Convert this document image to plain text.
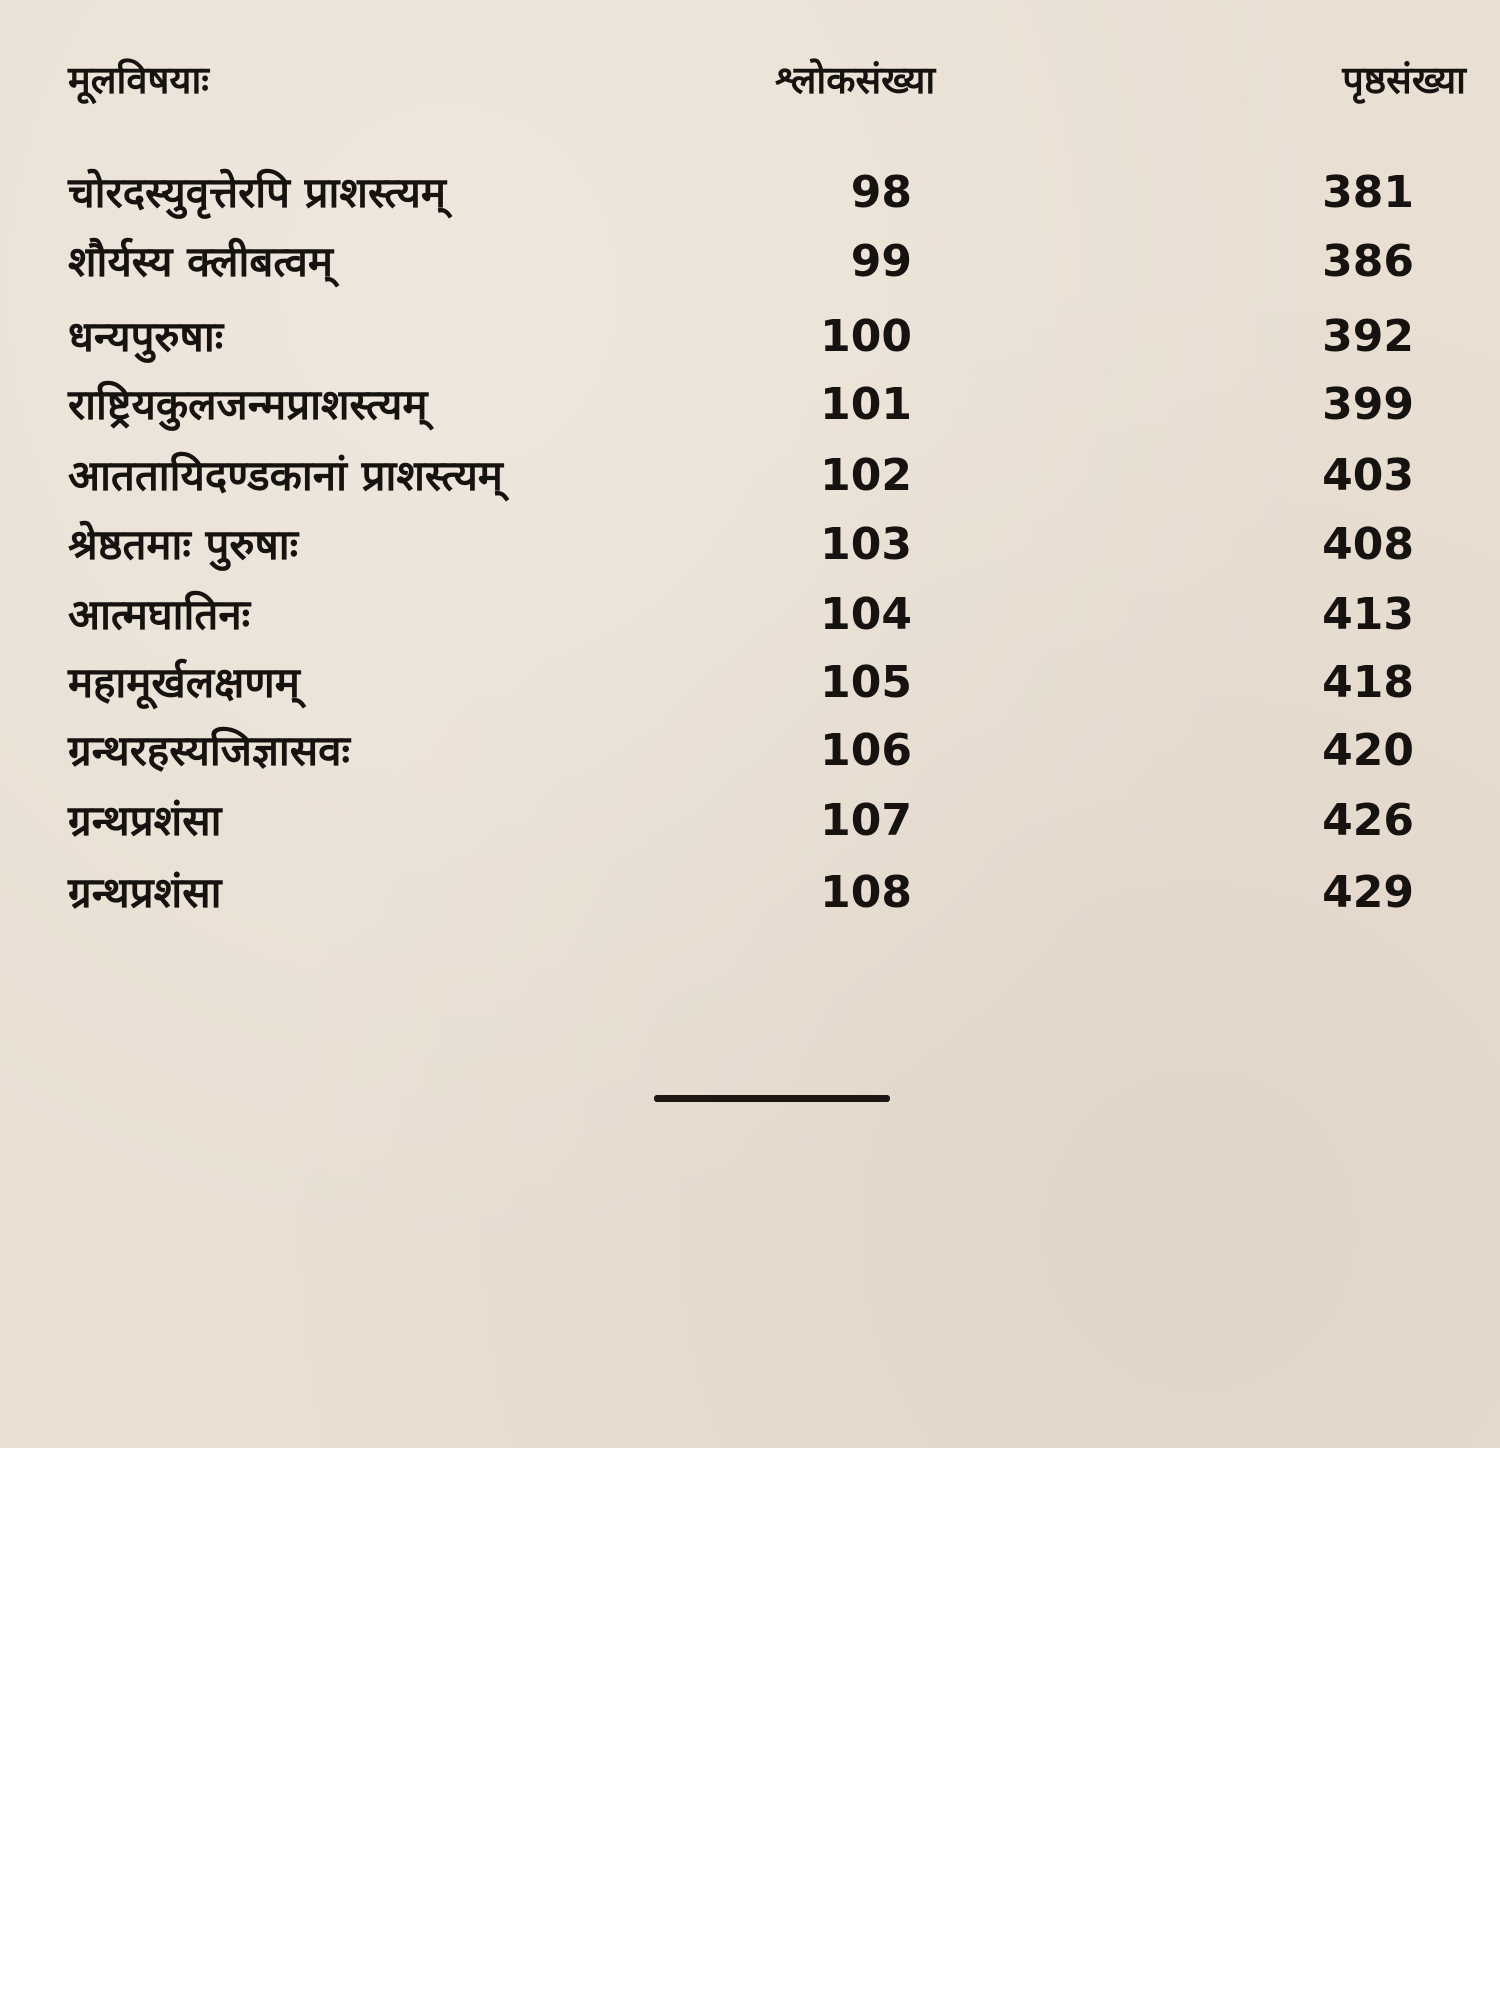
मूलविषयाः	श्लोकसंख्या	पृष्ठसंख्या
चोरदस्युवृत्तेरपि प्राशस्त्यम्	98	381
शौर्यस्य क्लीबत्वम्	99	386
धन्यपुरुषाः	100	392
राष्ट्रियकुलजन्मप्राशस्त्यम्	101	399
आततायिदण्डकानां प्राशस्त्यम्	102	403
श्रेष्ठतमाः पुरुषाः	103	408
आत्मघातिनः	104	413
महामूर्खलक्षणम्	105	418
ग्रन्थरहस्यजिज्ञासवः	106	420
ग्रन्थप्रशंसा	107	426
ग्रन्थप्रशंसा	108	429
